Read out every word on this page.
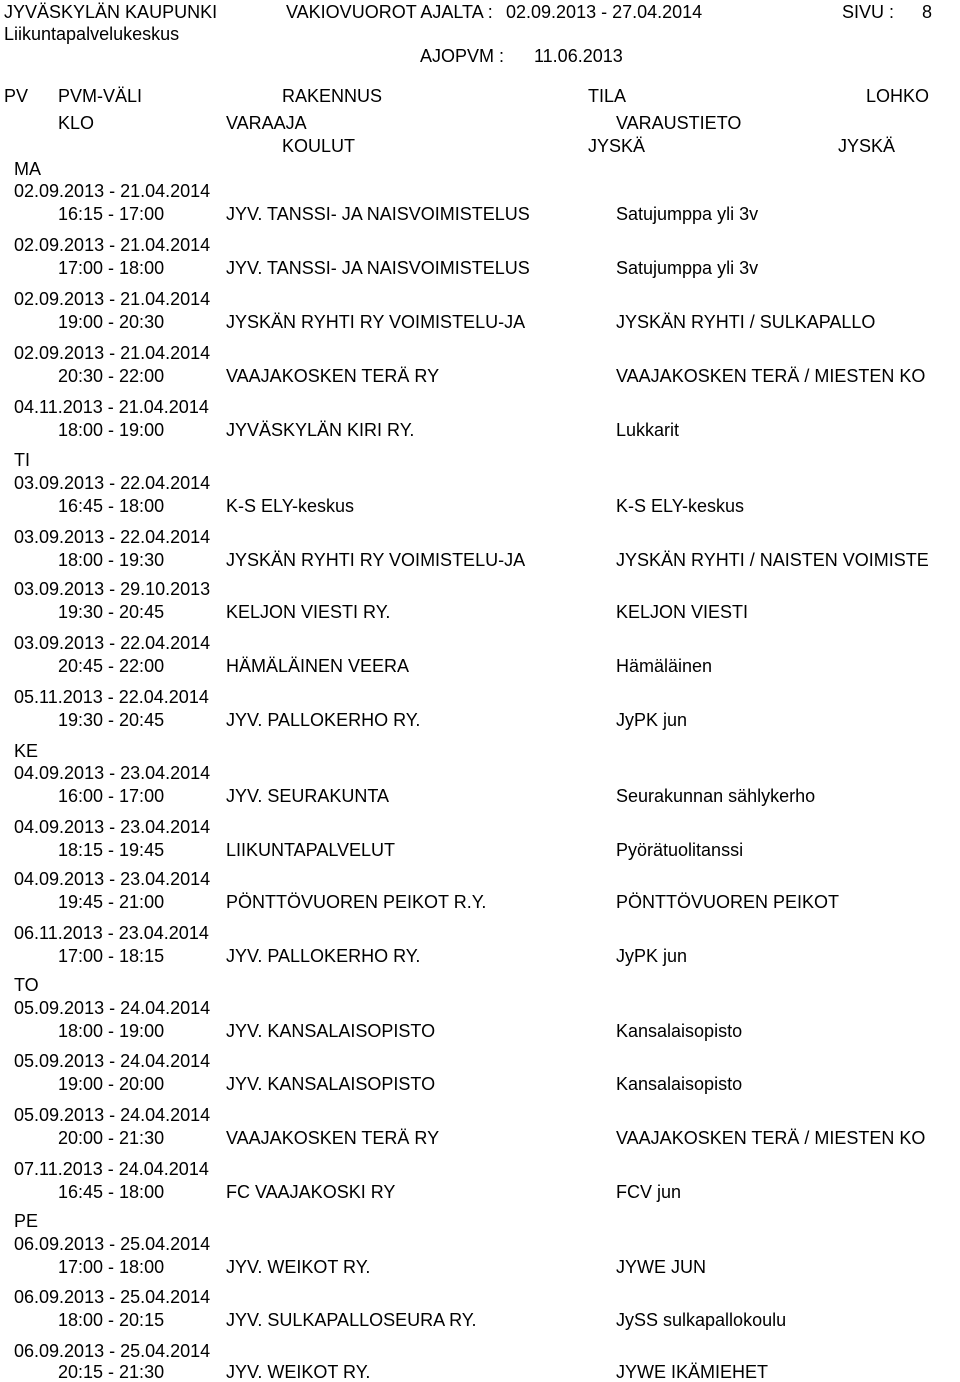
JYVÄSKYLÄN KAUPUNKI
Liikuntapalvelukeskus
VAKIOVUOROT AJALTA : 02.09.2013 - 27.04.2014	SIVU : 8
AJOPVM : 11.06.2013
PV PVM-VÄLI	RAKENNUS	TILA	LOHKO
KLO	VARAAJA	VARAUSTIETO
KOULUT	JYSKÄ	JYSKÄ
MA
02.09.2013 - 21.04.2014
16:15 - 17:00	JYV. TANSSI- JA NAISVOIMISTELUS	Satujumppa yli 3v
02.09.2013 - 21.04.2014
17:00 - 18:00	JYV. TANSSI- JA NAISVOIMISTELUS	Satujumppa yli 3v
02.09.2013 - 21.04.2014
19:00 - 20:30	JYSKÄN RYHTI RY VOIMISTELU-JA	JYSKÄN RYHTI / SULKAPALLO
02.09.2013 - 21.04.2014
20:30 - 22:00	VAAJAKOSKEN TERÄ RY	VAAJAKOSKEN TERÄ / MIESTEN KO
04.11.2013 - 21.04.2014
18:00 - 19:00	JYVÄSKYLÄN KIRI RY.	Lukkarit
TI
03.09.2013 - 22.04.2014
16:45 - 18:00	K-S ELY-keskus	K-S ELY-keskus
03.09.2013 - 22.04.2014
18:00 - 19:30	JYSKÄN RYHTI RY VOIMISTELU-JA	JYSKÄN RYHTI / NAISTEN VOIMISTE
03.09.2013 - 29.10.2013
19:30 - 20:45	KELJON VIESTI RY.	KELJON VIESTI
03.09.2013 - 22.04.2014
20:45 - 22:00	HÄMÄLÄINEN VEERA	Hämäläinen
05.11.2013 - 22.04.2014
19:30 - 20:45	JYV. PALLOKERHO RY.	JyPK jun
KE
04.09.2013 - 23.04.2014
16:00 - 17:00	JYV. SEURAKUNTA	Seurakunnan sählykerho
04.09.2013 - 23.04.2014
18:15 - 19:45	LIIKUNTAPALVELUT	Pyörätuolitanssi
04.09.2013 - 23.04.2014
19:45 - 21:00	PÖNTTÖVUOREN PEIKOT R.Y.	PÖNTTÖVUOREN PEIKOT
06.11.2013 - 23.04.2014
17:00 - 18:15	JYV. PALLOKERHO RY.	JyPK jun
TO
05.09.2013 - 24.04.2014
18:00 - 19:00	JYV. KANSALAISOPISTO	Kansalaisopisto
05.09.2013 - 24.04.2014
19:00 - 20:00	JYV. KANSALAISOPISTO	Kansalaisopisto
05.09.2013 - 24.04.2014
20:00 - 21:30	VAAJAKOSKEN TERÄ RY	VAAJAKOSKEN TERÄ / MIESTEN KO
07.11.2013 - 24.04.2014
16:45 - 18:00	FC VAAJAKOSKI RY	FCV jun
PE
06.09.2013 - 25.04.2014
17:00 - 18:00	JYV. WEIKOT RY.	JYWE JUN
06.09.2013 - 25.04.2014
18:00 - 20:15	JYV. SULKAPALLOSEURA RY.	JySS sulkapallokoulu
06.09.2013 - 25.04.2014
20:15 - 21:30	JYV. WEIKOT RY.	JYWE IKÄMIEHET
